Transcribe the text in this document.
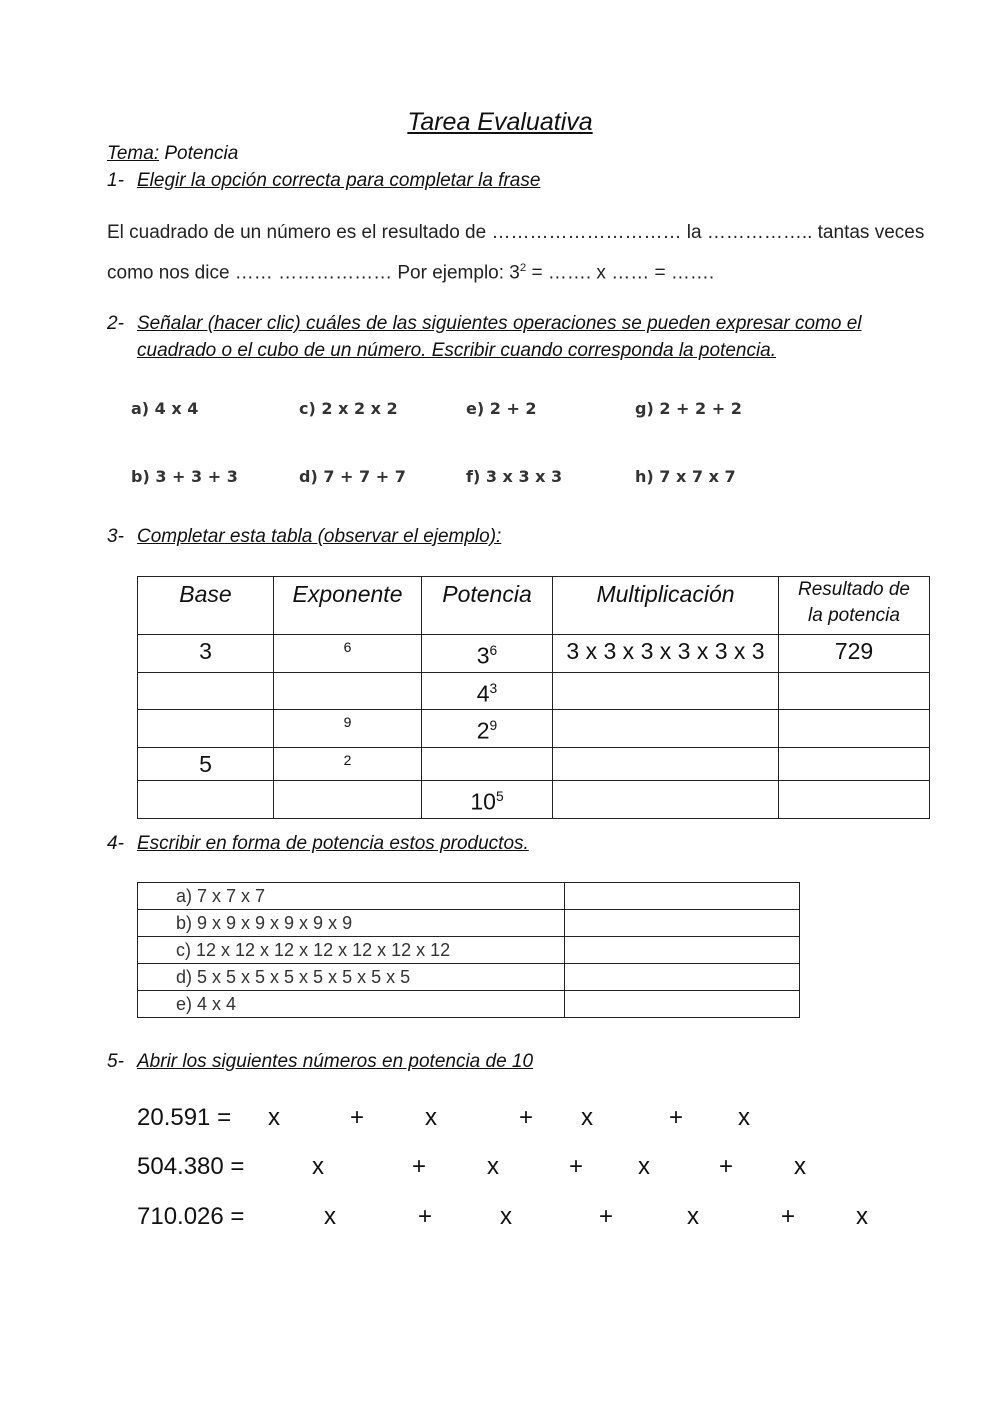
Tarea Evaluativa
Tema: Potencia
1- Elegir la opción correcta para completar la frase
El cuadrado de un número es el resultado de ………………………… la …………….. tantas veces
como nos dice …… ……………… Por ejemplo: $3^2$ = ……. x …… = …….
2- Señalar (hacer clic) cuáles de las siguientes operaciones se pueden expresar como el
cuadrado o el cubo de un número. Escribir cuando corresponda la potencia.
a) 4 x 4	c) 2 x 2 x 2	e) 2 + 2	g) 2 + 2 + 2
b) 3 + 3 + 3	d) 7 + 7 + 7	f) 3 x 3 x 3	h) 7 x 7 x 7
3- Completar esta tabla (observar el ejemplo):
Base	Exponente	Potencia	Multiplicación	Resultado de
la potencia
3	6	$3^6$	3 x 3 x 3 x 3 x 3 x 3	729
		$4^3$		
	9	$2^9$		
5	2			
		$10^5$		
4- Escribir en forma de potencia estos productos.
a) 7 x 7 x 7	
b) 9 x 9 x 9 x 9 x 9 x 9	
c) 12 x 12 x 12 x 12 x 12 x 12 x 12	
d) 5 x 5 x 5 x 5 x 5 x 5 x 5 x 5	
e) 4 x 4	
5- Abrir los siguientes números en potencia de 10
20.591 = x	+	x	+ x	+ x
504.380 =	x	+	x	+ x	+	x
710.026 =	x	+	x	+	x	+	x
